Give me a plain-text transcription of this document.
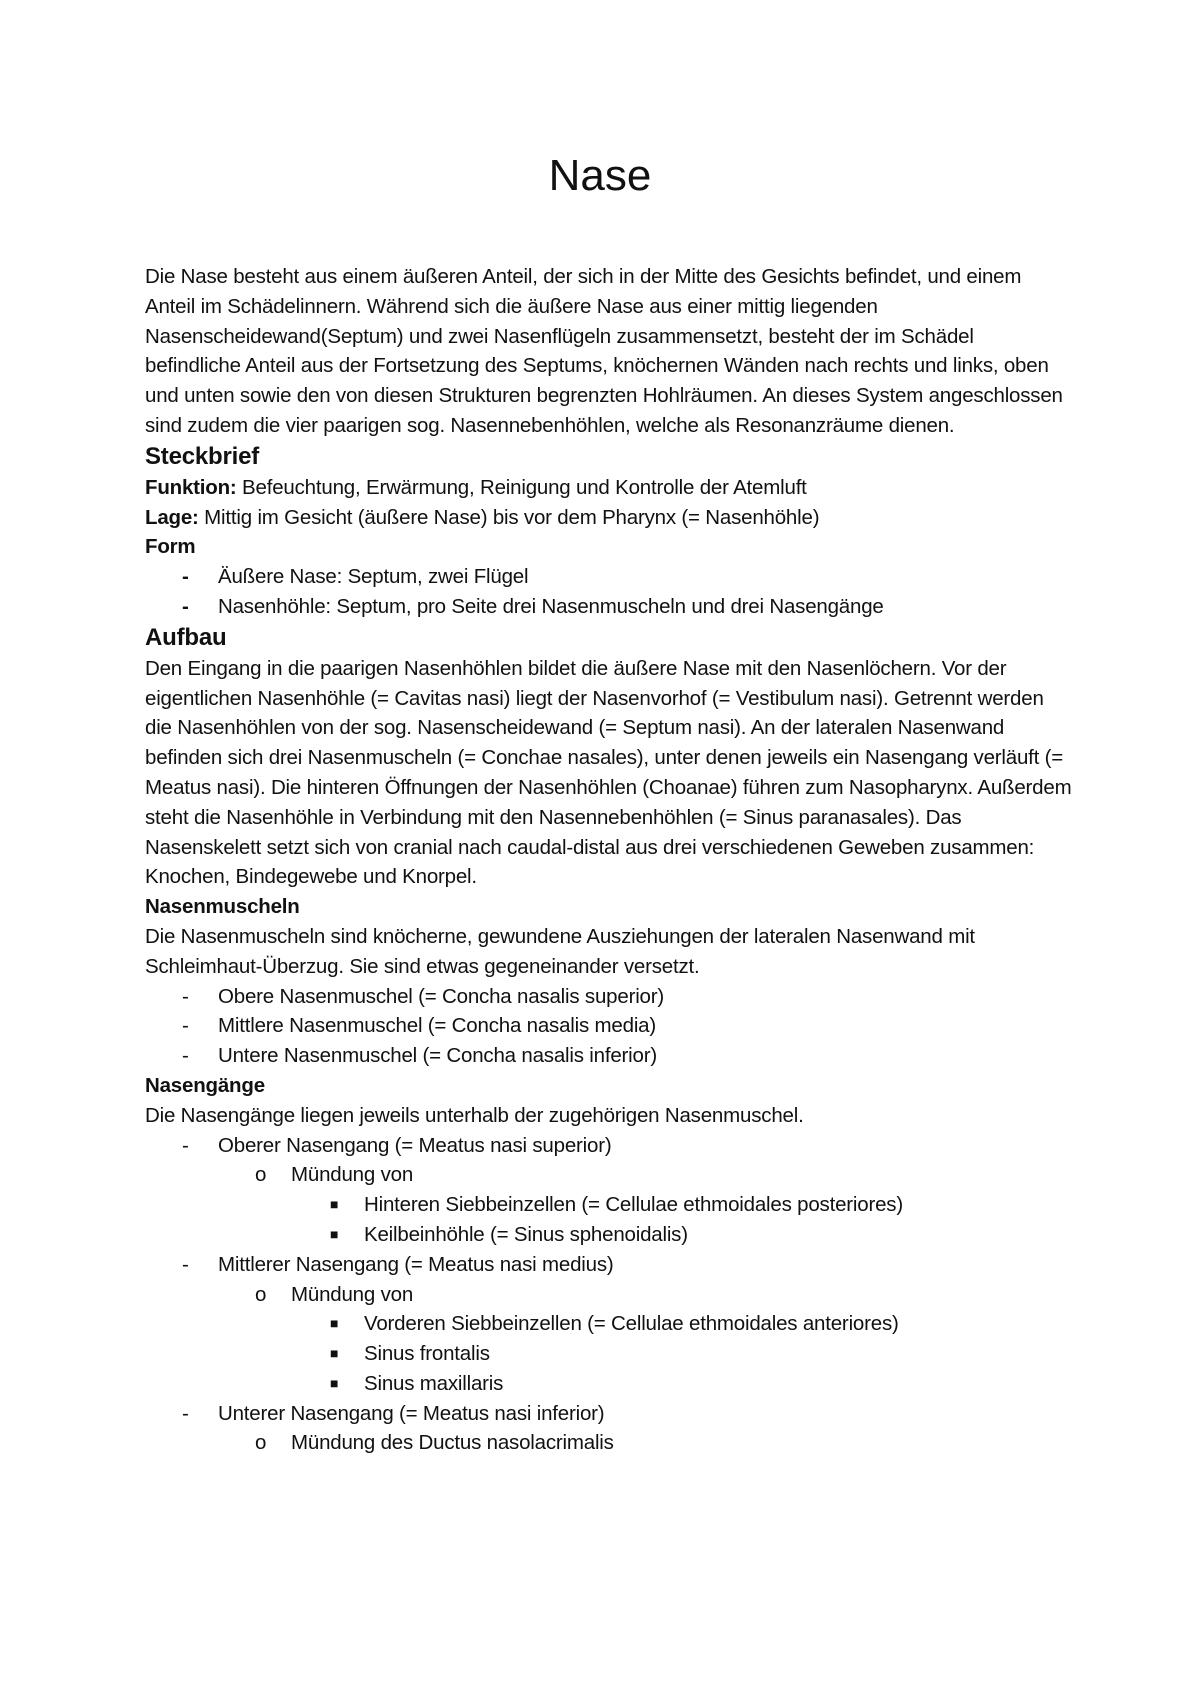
Nase

Die Nase besteht aus einem äußeren Anteil, der sich in der Mitte des Gesichts befindet, und einem Anteil im Schädelinnern. Während sich die äußere Nase aus einer mittig liegenden Nasenscheidewand(Septum) und zwei Nasenflügeln zusammensetzt, besteht der im Schädel befindliche Anteil aus der Fortsetzung des Septums, knöchernen Wänden nach rechts und links, oben und unten sowie den von diesen Strukturen begrenzten Hohlräumen. An dieses System angeschlossen sind zudem die vier paarigen sog. Nasennebenhöhlen, welche als Resonanzräume dienen.

Steckbrief

Funktion: Befeuchtung, Erwärmung, Reinigung und Kontrolle der Atemluft

Lage: Mittig im Gesicht (äußere Nase) bis vor dem Pharynx (= Nasenhöhle)

Form

- Äußere Nase: Septum, zwei Flügel
- Nasenhöhle: Septum, pro Seite drei Nasenmuscheln und drei Nasengänge
Aufbau

Den Eingang in die paarigen Nasenhöhlen bildet die äußere Nase mit den Nasenlöchern. Vor der eigentlichen Nasenhöhle (= Cavitas nasi) liegt der Nasenvorhof (= Vestibulum nasi). Getrennt werden die Nasenhöhlen von der sog. Nasenscheidewand (= Septum nasi). An der lateralen Nasenwand befinden sich drei Nasenmuscheln (= Conchae nasales), unter denen jeweils ein Nasengang verläuft (= Meatus nasi). Die hinteren Öffnungen der Nasenhöhlen (Choanae) führen zum Nasopharynx. Außerdem steht die Nasenhöhle in Verbindung mit den Nasennebenhöhlen (= Sinus paranasales). Das Nasenskelett setzt sich von cranial nach caudal-distal aus drei verschiedenen Geweben zusammen: Knochen, Bindegewebe und Knorpel.

Nasenmuscheln

Die Nasenmuscheln sind knöcherne, gewundene Ausziehungen der lateralen Nasenwand mit Schleimhaut-Überzug. Sie sind etwas gegeneinander versetzt.

- Obere Nasenmuschel (= Concha nasalis superior)
- Mittlere Nasenmuschel (= Concha nasalis media)
- Untere Nasenmuschel (= Concha nasalis inferior)

Nasengänge

Die Nasengänge liegen jeweils unterhalb der zugehörigen Nasenmuschel.

- Oberer Nasengang (= Meatus nasi superior)
o Mündung von
■ Hinteren Siebbeinzellen (= Cellulae ethmoidales posteriores)
■ Keilbeinhöhle (= Sinus sphenoidalis)
- Mittlerer Nasengang (= Meatus nasi medius)
o Mündung von
■ Vorderen Siebbeinzellen (= Cellulae ethmoidales anteriores)
■ Sinus frontalis
■ Sinus maxillaris
- Unterer Nasengang (= Meatus nasi inferior)
o Mündung des Ductus nasolacrimalis
